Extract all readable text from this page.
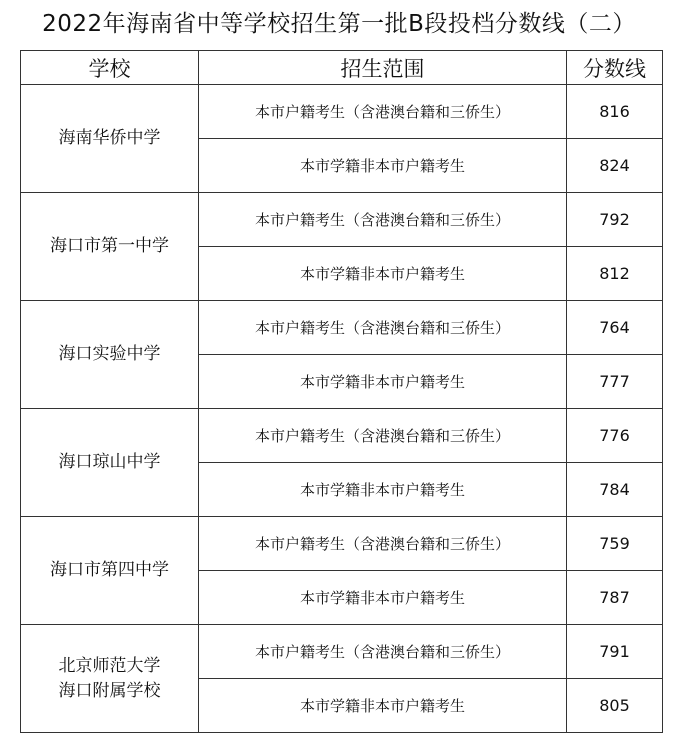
2022年海南省中等学校招生第一批B段投档分数线（二）
学校	招生范围	分数线

海南华侨中学	本市户籍考生（含港澳台籍和三侨生）	816
	本市学籍非本市户籍考生	824

海口市第一中学	本市户籍考生（含港澳台籍和三侨生）	792
	本市学籍非本市户籍考生	812

海口实验中学	本市户籍考生（含港澳台籍和三侨生）	764
	本市学籍非本市户籍考生	777

海口琼山中学	本市户籍考生（含港澳台籍和三侨生）	776
	本市学籍非本市户籍考生	784

海口市第四中学	本市户籍考生（含港澳台籍和三侨生）	759
	本市学籍非本市户籍考生	787

北京师范大学
海口附属学校	本市户籍考生（含港澳台籍和三侨生）	791
	本市学籍非本市户籍考生	805
